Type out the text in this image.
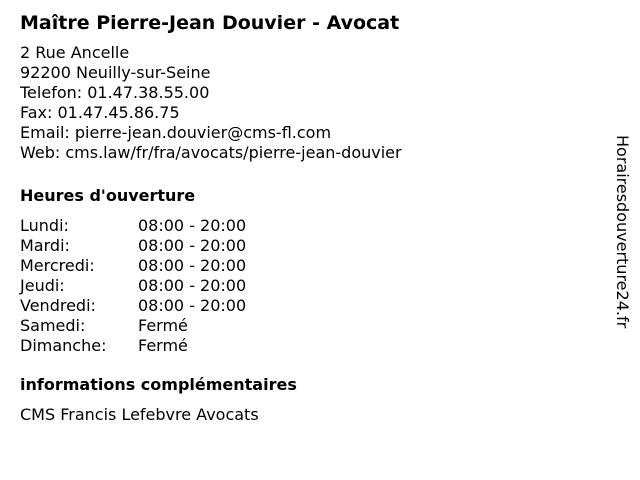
Maître Pierre-Jean Douvier - Avocat
2 Rue Ancelle
92200 Neuilly-sur-Seine
Telefon: 01.47.38.55.00
Fax: 01.47.45.86.75
Email: pierre-jean.douvier@cms-fl.com
Web: cms.law/fr/fra/avocats/pierre-jean-douvier
Heures d'ouverture
Lundi:	08:00 - 20:00
Mardi:	08:00 - 20:00
Mercredi:	08:00 - 20:00
Jeudi:	08:00 - 20:00
Vendredi:	08:00 - 20:00
Samedi:	Fermé
Dimanche:	Fermé
informations complémentaires
CMS Francis Lefebvre Avocats
Horairesdouverture24.fr
